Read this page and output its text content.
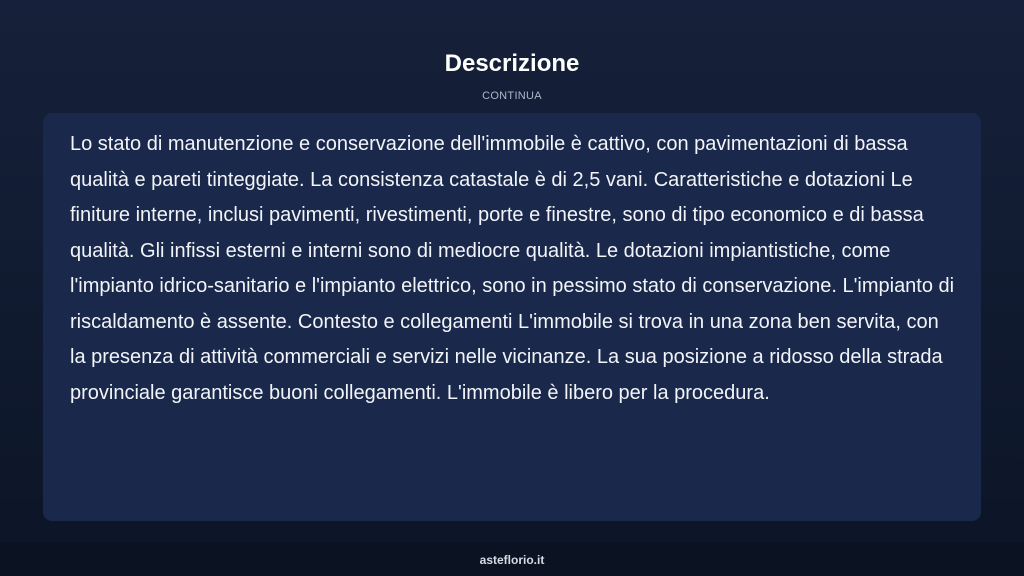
Descrizione
CONTINUA

Lo stato di manutenzione e conservazione dell'immobile è cattivo, con pavimentazioni di bassa qualità e pareti tinteggiate. La consistenza catastale è di 2,5 vani. Caratteristiche e dotazioni Le finiture interne, inclusi pavimenti, rivestimenti, porte e finestre, sono di tipo economico e di bassa qualità. Gli infissi esterni e interni sono di mediocre qualità. Le dotazioni impiantistiche, come l'impianto idrico-sanitario e l'impianto elettrico, sono in pessimo stato di conservazione. L'impianto di riscaldamento è assente. Contesto e collegamenti L'immobile si trova in una zona ben servita, con la presenza di attività commerciali e servizi nelle vicinanze. La sua posizione a ridosso della strada provinciale garantisce buoni collegamenti. L'immobile è libero per la procedura.

asteflorio.it
